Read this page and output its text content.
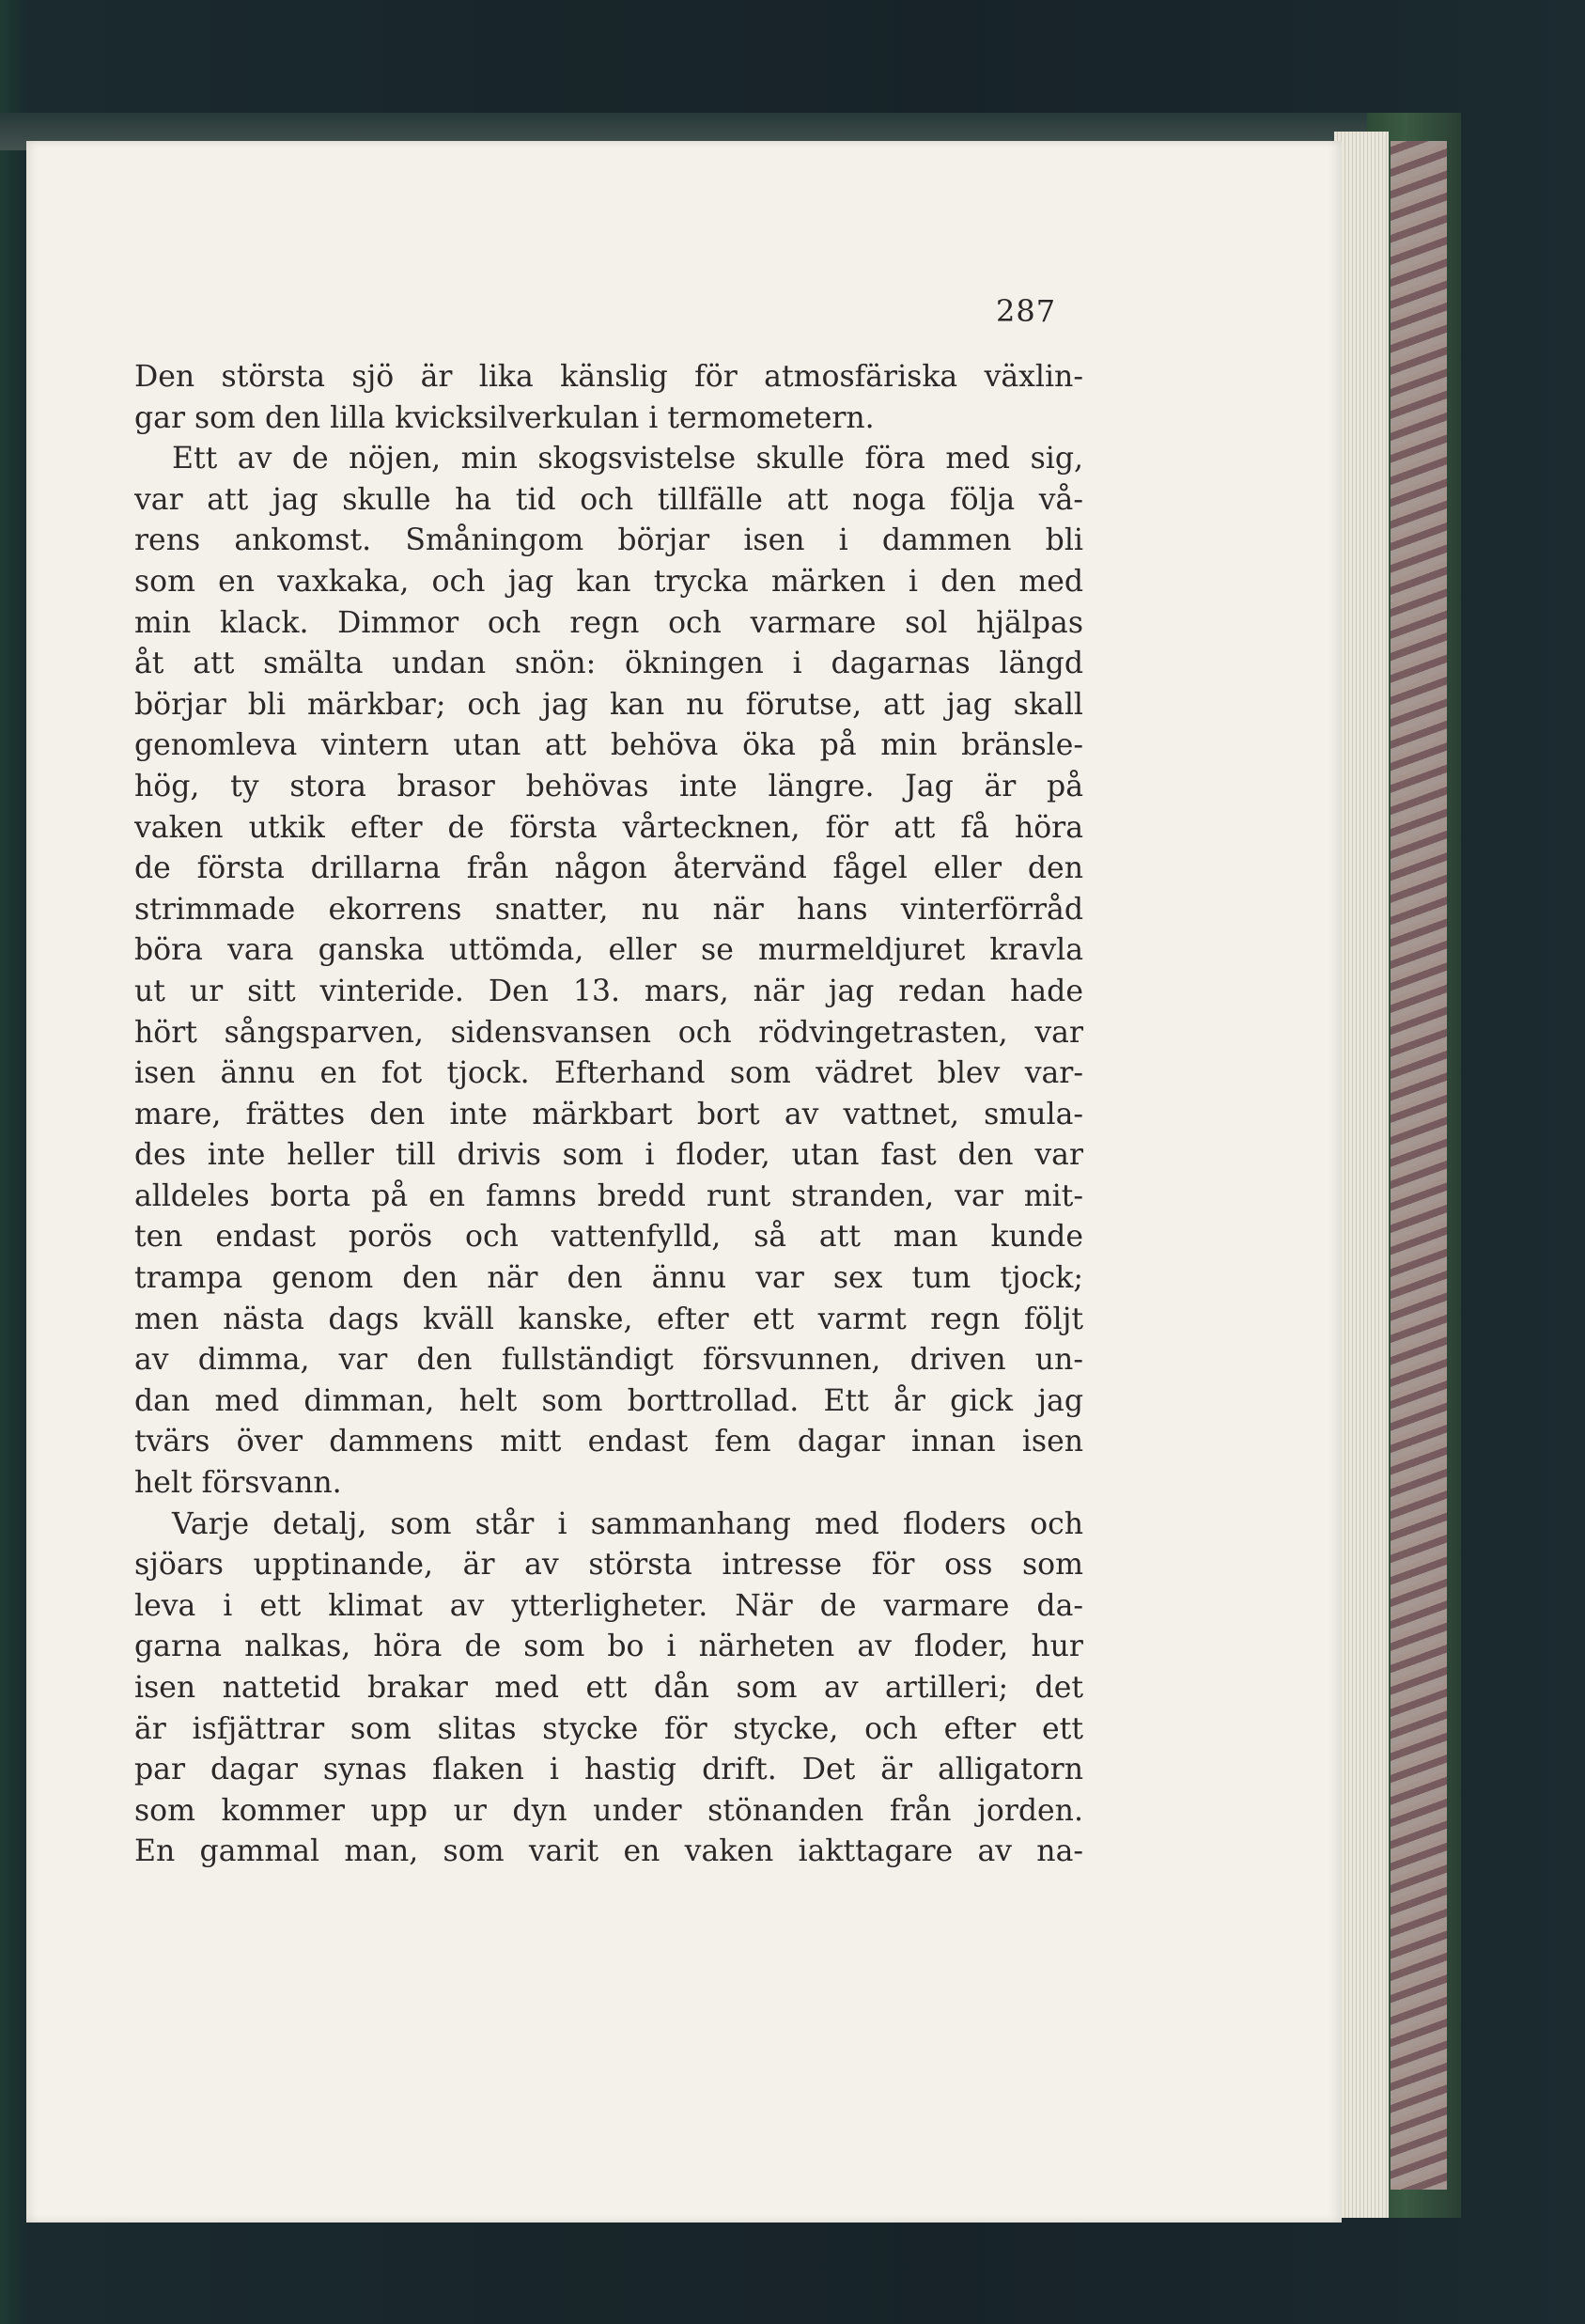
287
Den största sjö är lika känslig för atmosfäriska växlin-
gar som den lilla kvicksilverkulan i termometern.
Ett av de nöjen, min skogsvistelse skulle föra med sig,
var att jag skulle ha tid och tillfälle att noga följa vå-
rens ankomst. Småningom börjar isen i dammen bli
som en vaxkaka, och jag kan trycka märken i den med
min klack. Dimmor och regn och varmare sol hjälpas
åt att smälta undan snön: ökningen i dagarnas längd
börjar bli märkbar; och jag kan nu förutse, att jag skall
genomleva vintern utan att behöva öka på min bränsle-
hög, ty stora brasor behövas inte längre. Jag är på
vaken utkik efter de första vårtecknen, för att få höra
de första drillarna från någon återvänd fågel eller den
strimmade ekorrens snatter, nu när hans vinterförråd
böra vara ganska uttömda, eller se murmeldjuret kravla
ut ur sitt vinteride. Den 13. mars, när jag redan hade
hört sångsparven, sidensvansen och rödvingetrasten, var
isen ännu en fot tjock. Efterhand som vädret blev var-
mare, frättes den inte märkbart bort av vattnet, smula-
des inte heller till drivis som i floder, utan fast den var
alldeles borta på en famns bredd runt stranden, var mit-
ten endast porös och vattenfylld, så att man kunde
trampa genom den när den ännu var sex tum tjock;
men nästa dags kväll kanske, efter ett varmt regn följt
av dimma, var den fullständigt försvunnen, driven un-
dan med dimman, helt som borttrollad. Ett år gick jag
tvärs över dammens mitt endast fem dagar innan isen
helt försvann.
Varje detalj, som står i sammanhang med floders och
sjöars upptinande, är av största intresse för oss som
leva i ett klimat av ytterligheter. När de varmare da-
garna nalkas, höra de som bo i närheten av floder, hur
isen nattetid brakar med ett dån som av artilleri; det
är isfjättrar som slitas stycke för stycke, och efter ett
par dagar synas flaken i hastig drift. Det är alligatorn
som kommer upp ur dyn under stönanden från jorden.
En gammal man, som varit en vaken iakttagare av na-
